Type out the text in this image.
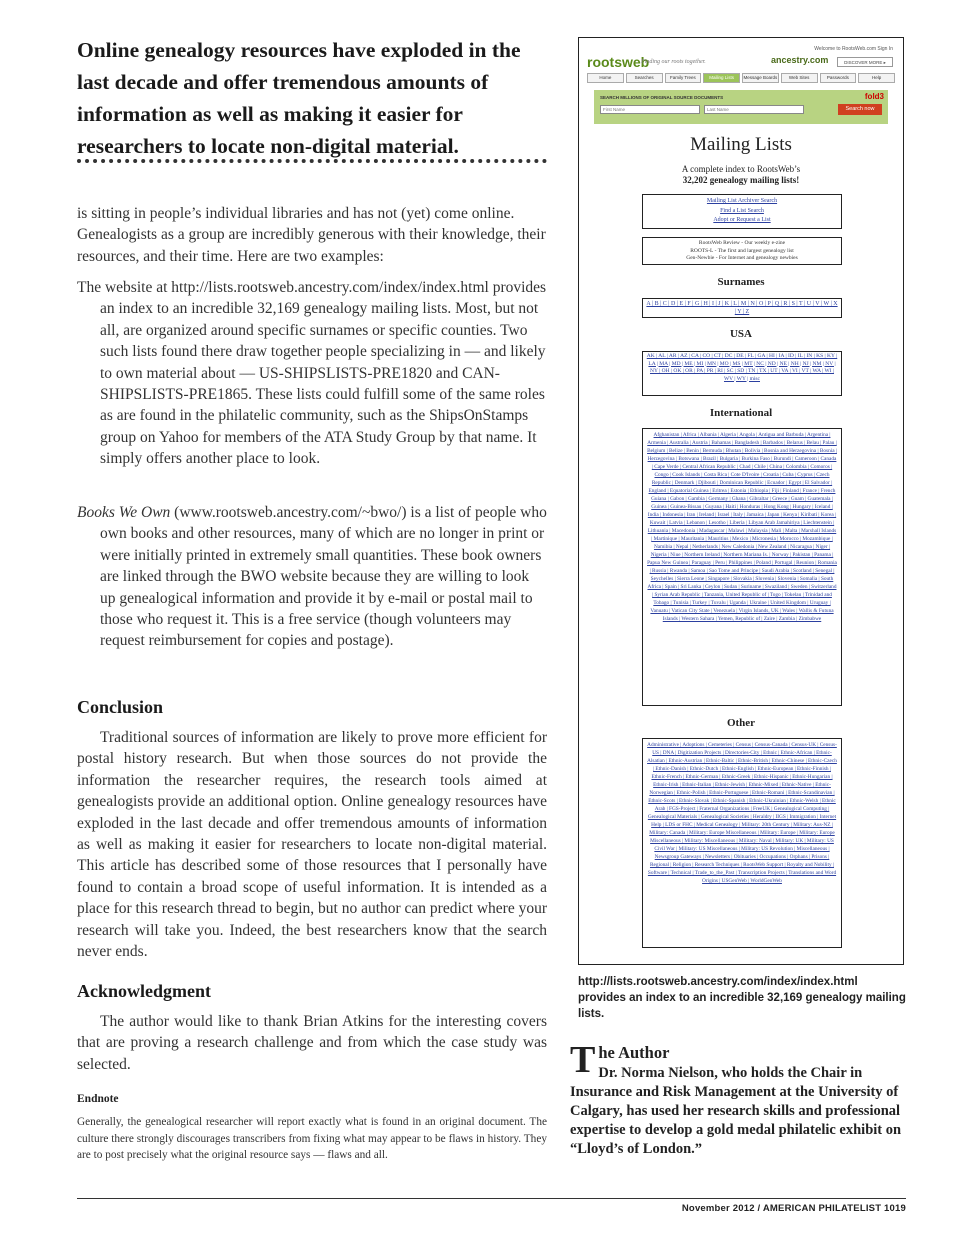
Online genealogy resources have exploded in the last decade and offer tremendous amounts of information as well as making it easier for researchers to locate non-digital material.

is sitting in people’s individual libraries and has not (yet) come online. Genealogists as a group are incredibly generous with their knowledge, their resources, and their time. Here are two examples:

The website at http://lists.rootsweb.ancestry.com/index/index.html provides an index to an incredible 32,169 genealogy mailing lists. Most, but not all, are organized around specific surnames or specific counties. Two such lists found there draw together people specializing in — and likely to own material about — US-SHIPSLISTS-PRE1820 and CAN-SHIPSLISTS-PRE1865. These lists could fulfill some of the same roles as are found in the philatelic community, such as the ShipsOnStamps group on Yahoo for members of the ATA Study Group by that name. It simply offers another place to look.

Books We Own (www.rootsweb.ancestry.com/~bwo/) is a list of people who own books and other resources, many of which are no longer in print or were initially printed in extremely small quantities. These book owners are linked through the BWO website because they are willing to look up genealogical information and provide it by e-mail or postal mail to those who request it. This is a free service (though volunteers may request reimbursement for copies and postage).

Conclusion

Traditional sources of information are likely to prove more efficient for postal history research. But when those sources do not provide the information the researcher requires, the research tools aimed at genealogists provide an additional option. Online genealogy resources have exploded in the last decade and offer tremendous amounts of information as well as making it easier for researchers to locate non-digital material. This article has described some of those resources that I personally have found to contain a broad scope of useful information. It is intended as a place for this research thread to begin, but no author can predict where your research will take you. Indeed, the best researchers know that the search never ends.

Acknowledgment

The author would like to thank Brian Atkins for the interesting covers that are proving a research challenge and from which the case study was selected.

Endnote

Generally, the genealogical researcher will report exactly what is found in an original document. The culture there strongly discourages transcribers from fixing what may appear to be flaws in history. They are to post precisely what the original resource says — flaws and all.

rootsweb
Finding our roots together.
Welcome to RootsWeb.com Sign In
ancestry.com	DISCOVER MORE ▸
Home	Searches	Family Trees	Mailing Lists	Message Boards	Web Sites	Passwords	Help
SEARCH MILLIONS OF ORIGINAL SOURCE DOCUMENTS	fold3
First Name	Last Name	Search now
Mailing Lists
A complete index to RootsWeb’s
32,202 genealogy mailing lists!
Mailing List Archiver Search
Find a List Search
Adopt or Request a List
RootsWeb Review - Our weekly e-zine
ROOTS-L - The first and largest genealogy list
Gen-Newbie - For Internet and genealogy newbies
Surnames
A | B | C | D | E | F | G | H | I | J | K | L | M | N | O | P | Q | R | S | T | U | V | W | X | Y | Z
USA
AK | AL | AR | AZ | CA | CO | CT | DC | DE | FL | GA | HI | IA | ID | IL | IN | KS | KY | LA | MA | MD | ME | MI | MN | MO | MS | MT | NC | ND | NE | NH | NJ | NM | NV | NY | OH | OK | OR | PA | PR | RI | SC | SD | TN | TX | UT | VA | VI | VT | WA | WI | WV | WY | misc
International
Afghanistan | Africa | Albania | Algeria | Angola | Antigua and Barbuda | Argentina | Armenia | Australia | Austria | Bahamas | Bangladesh | Barbados | Belarus | Belau | Palau | Belgium | Belize | Benin | Bermuda | Bhutan | Bolivia | Bosnia and Herzegovina | Bosnia | Herzegovina | Botswana | Brazil | Bulgaria | Burkina Faso | Burundi | Cameroon | Canada | Cape Verde | Central African Republic | Chad | Chile | China | Colombia | Comoros | Congo | Cook Islands | Costa Rica | Cote D'Ivoire | Croatia | Cuba | Cyprus | Czech Republic | Denmark | Djibouti | Dominican Republic | Ecuador | Egypt | El Salvador | England | Equatorial Guinea | Eritrea | Estonia | Ethiopia | Fiji | Finland | France | French Guiana | Gabon | Gambia | Germany | Ghana | Gibraltar | Greece | Guam | Guatemala | Guinea | Guinea-Bissau | Guyana | Haiti | Honduras | Hong Kong | Hungary | Iceland | India | Indonesia | Iran | Ireland | Israel | Italy | Jamaica | Japan | Kenya | Kiribati | Korea | Kuwait | Latvia | Lebanon | Lesotho | Liberia | Libyan Arab Jamahiriya | Liechtenstein | Lithuania | Macedonia | Madagascar | Malawi | Malaysia | Mali | Malta | Marshall Islands | Martinique | Mauritania | Mauritius | Mexico | Micronesia | Morocco | Mozambique | Namibia | Nepal | Netherlands | New Caledonia | New Zealand | Nicaragua | Niger | Nigeria | Niue | Northern Ireland | Northern Mariana Is. | Norway | Pakistan | Panama | Papua New Guinea | Paraguay | Peru | Philippines | Poland | Portugal | Reunion | Romania | Russia | Rwanda | Samoa | Sao Tome and Principe | Saudi Arabia | Scotland | Senegal | Seychelles | Sierra Leone | Singapore | Slovakia | Slovenia | Slovenia | Somalia | South Africa | Spain | Sri Lanka | Ceylon | Sudan | Suriname | Swaziland | Sweden | Switzerland | Syrian Arab Republic | Tanzania, United Republic of | Togo | Tokelau | Trinidad and Tobago | Tunisia | Turkey | Tuvalu | Uganda | Ukraine | United Kingdom | Uruguay | Vanuatu | Vatican City State | Venezuela | Virgin Islands, UK | Wales | Wallis & Futuna Islands | Western Sahara | Yemen, Republic of | Zaire | Zambia | Zimbabwe
Other
Administrative | Adoptions | Cemeteries | Census | Census-Canada | Census-UK | Census-US | DNA | Digitization Projects | Directories-City | Ethnic | Ethnic-African | Ethnic-Alsatian | Ethnic-Austrian | Ethnic-Baltic | Ethnic-British | Ethnic-Chinese | Ethnic-Czech | Ethnic-Danish | Ethnic-Dutch | Ethnic-English | Ethnic-European | Ethnic-Finnish | Ethnic-French | Ethnic-German | Ethnic-Greek | Ethnic-Hispanic | Ethnic-Hungarian | Ethnic-Irish | Ethnic-Italian | Ethnic-Jewish | Ethnic-Mixed | Ethnic-Native | Ethnic-Norwegian | Ethnic-Polish | Ethnic-Portuguese | Ethnic-Romani | Ethnic-Scandinavian | Ethnic-Scots | Ethnic-Slovak | Ethnic-Spanish | Ethnic-Ukrainian | Ethnic-Welsh | Ethnic Arab | FGS-Project | Fraternal Organizations | FreeUK | Genealogical Computing | Genealogical Materials | Genealogical Societies | Heraldry | IIGS | Immigration | Internet Help | LDS or FHC | Medical Genealogy | Military: 20th Century | Military: Aus-NZ | Military: Canada | Military: Europe Miscellaneous | Military: Europe | Military: Europe Miscellaneous | Military: Miscellaneous | Military: Naval | Military: UK | Military: US Civil War | Military: US Miscellaneous | Military: US Revolution | Miscellaneous | Newsgroup Gateways | Newsletters | Obituaries | Occupations | Orphans | Prisons | Regional | Religion | Research Techniques | RootsWeb Support | Royalty and Nobility | Software | Technical | Trade_to_the_Past | Transcription Projects | Translations and Word Origins | USGenWeb | WorldGenWeb
http://lists.rootsweb.ancestry.com/index/index.html provides an index to an incredible 32,169 genealogy mailing lists.
The Author
Dr. Norma Nielson, who holds the Chair in Insurance and Risk Management at the University of Calgary, has used her research skills and professional expertise to develop a gold medal philatelic exhibit on “Lloyd’s of London.”
November 2012 / AMERICAN PHILATELIST 1019
